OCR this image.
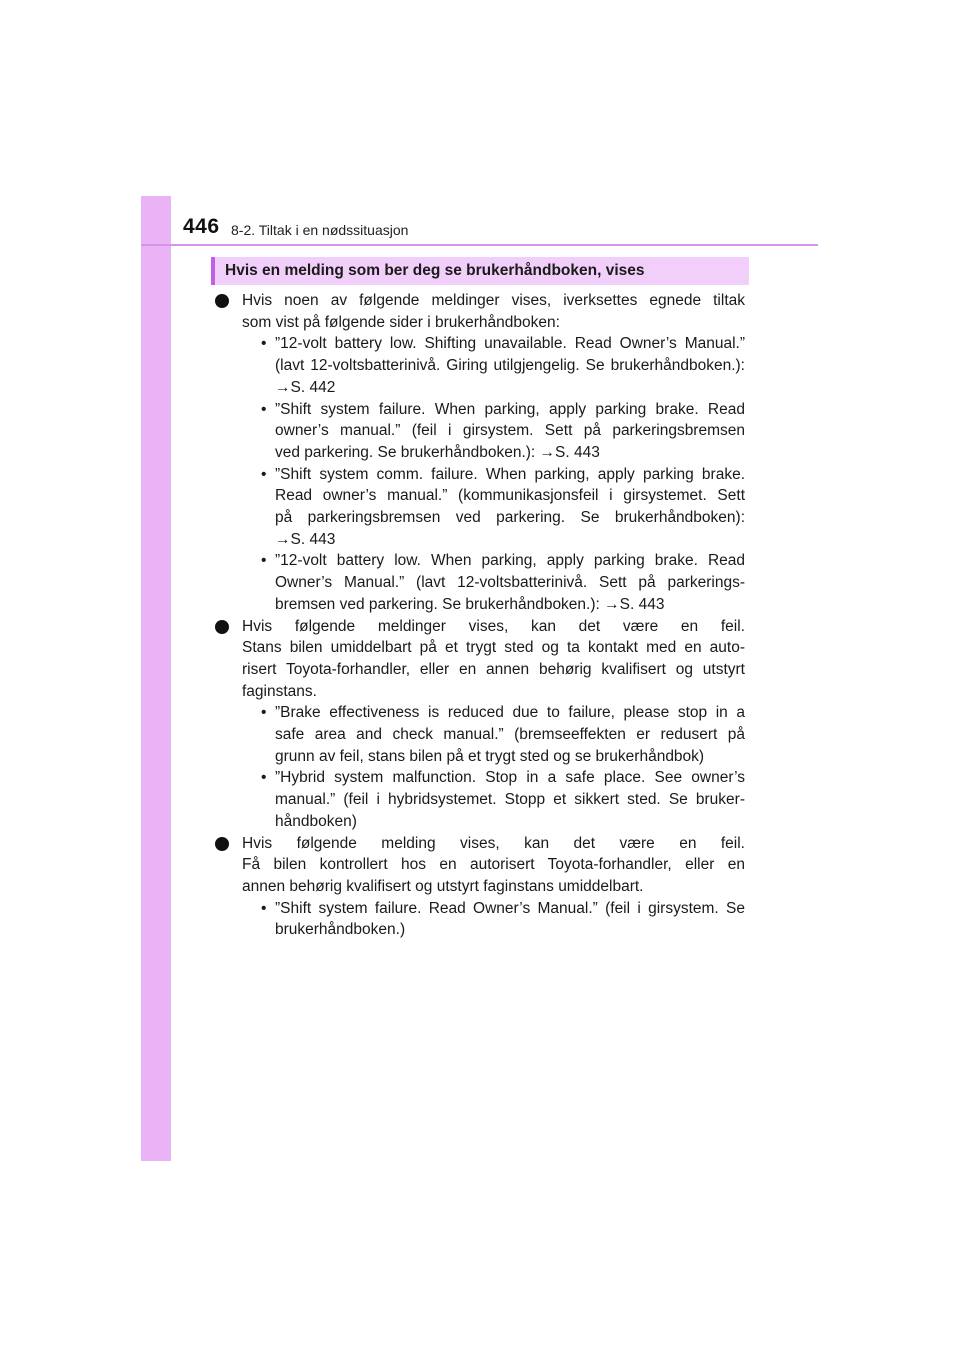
446 8-2. Tiltak i en nødssituasjon
Hvis en melding som ber deg se brukerhåndboken, vises
Hvis noen av følgende meldinger vises, iverksettes egnede tiltak
som vist på følgende sider i brukerhåndboken:
• ”12-volt battery low. Shifting unavailable. Read Owner’s Manual.”
(lavt 12-voltsbatterinivå. Giring utilgjengelig. Se brukerhåndboken.):
→S. 442
• ”Shift system failure. When parking, apply parking brake. Read
owner’s manual.” (feil i girsystem. Sett på parkeringsbremsen
ved parkering. Se brukerhåndboken.): →S. 443
• ”Shift system comm. failure. When parking, apply parking brake.
Read owner’s manual.” (kommunikasjonsfeil i girsystemet. Sett
på parkeringsbremsen ved parkering. Se brukerhåndboken):
→S. 443
• ”12-volt battery low. When parking, apply parking brake. Read
Owner’s Manual.” (lavt 12-voltsbatterinivå. Sett på parkerings-
bremsen ved parkering. Se brukerhåndboken.): →S. 443
Hvis følgende meldinger vises, kan det være en feil.
Stans bilen umiddelbart på et trygt sted og ta kontakt med en auto-
risert Toyota-forhandler, eller en annen behørig kvalifisert og utstyrt
faginstans.
• ”Brake effectiveness is reduced due to failure, please stop in a
safe area and check manual.” (bremseeffekten er redusert på
grunn av feil, stans bilen på et trygt sted og se brukerhåndbok)
• ”Hybrid system malfunction. Stop in a safe place. See owner’s
manual.” (feil i hybridsystemet. Stopp et sikkert sted. Se bruker-
håndboken)
Hvis følgende melding vises, kan det være en feil.
Få bilen kontrollert hos en autorisert Toyota-forhandler, eller en
annen behørig kvalifisert og utstyrt faginstans umiddelbart.
• ”Shift system failure. Read Owner’s Manual.” (feil i girsystem. Se
brukerhåndboken.)
